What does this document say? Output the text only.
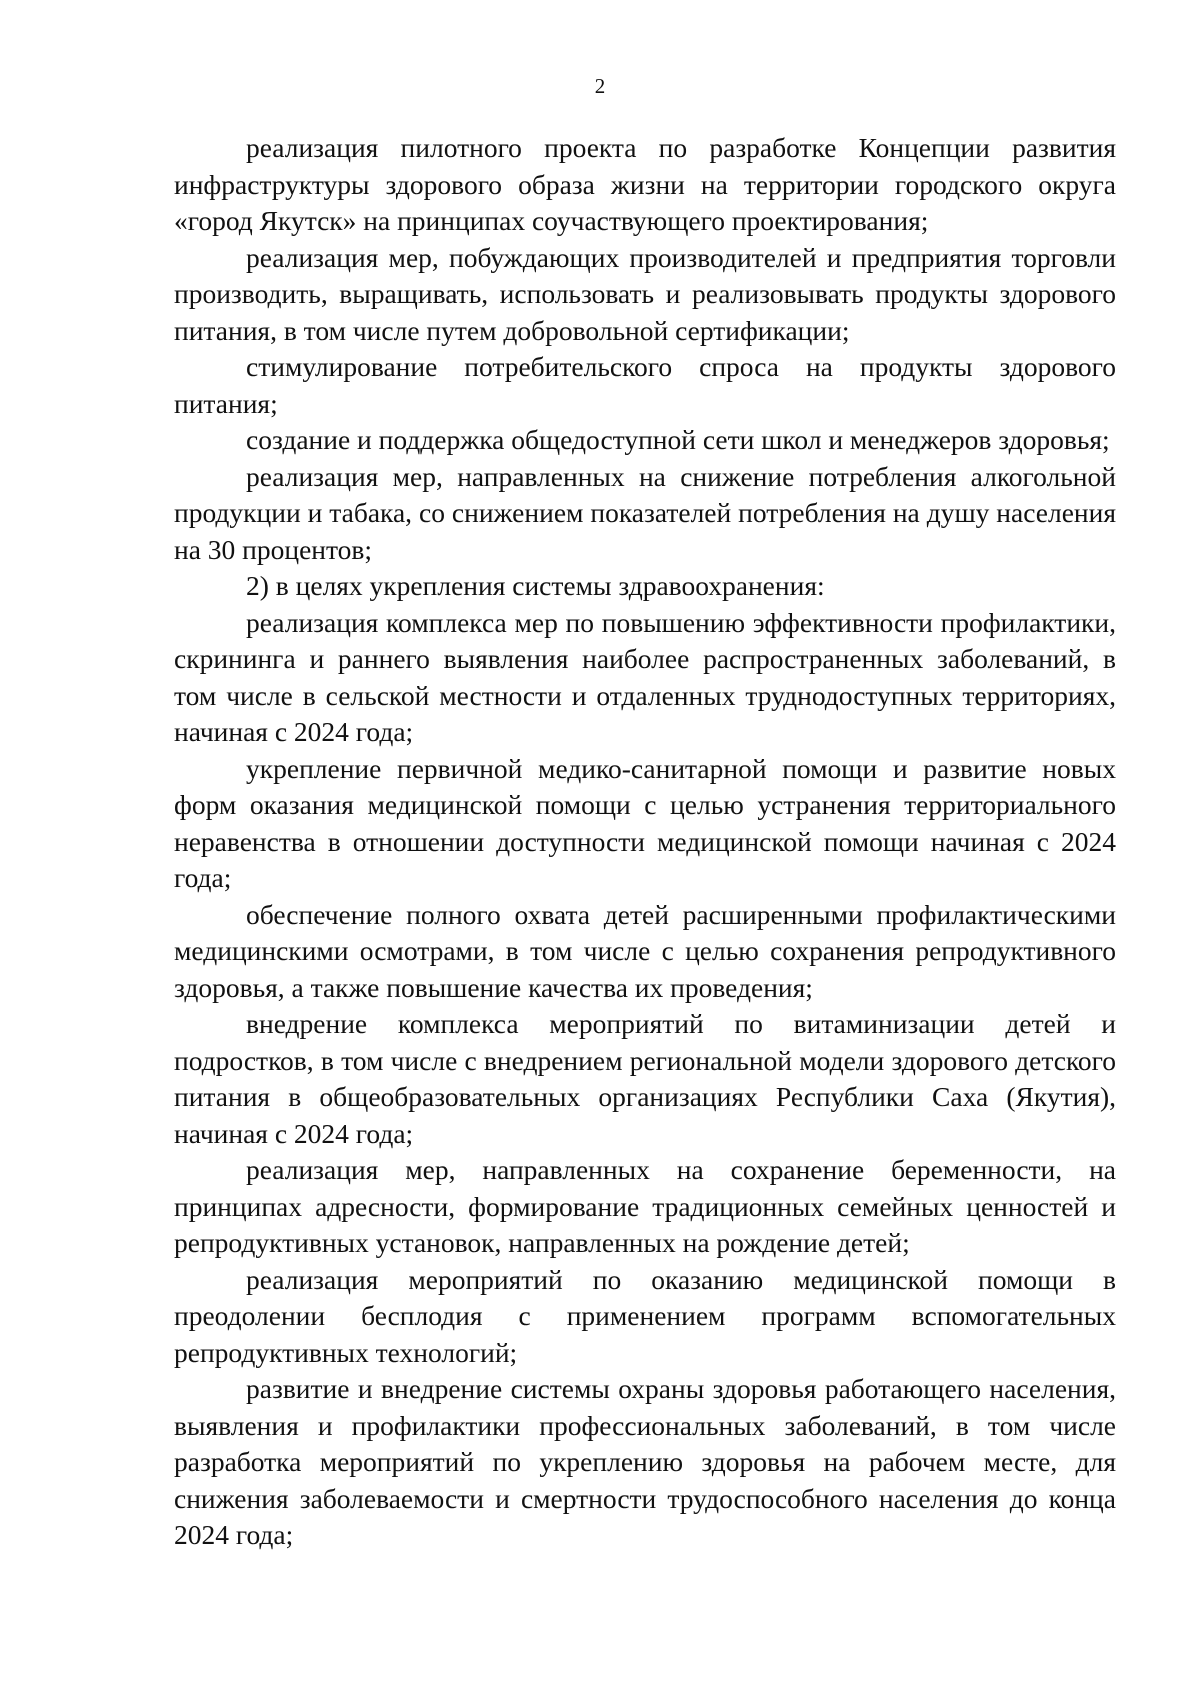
2

реализация пилотного проекта по разработке Концепции развития инфраструктуры здорового образа жизни на территории городского округа «город Якутск» на принципах соучаствующего проектирования;

реализация мер, побуждающих производителей и предприятия торговли производить, выращивать, использовать и реализовывать продукты здорового питания, в том числе путем добровольной сертификации;

стимулирование потребительского спроса на продукты здорового питания;

создание и поддержка общедоступной сети школ и менеджеров здоровья;

реализация мер, направленных на снижение потребления алкогольной продукции и табака, со снижением показателей потребления на душу населения на 30 процентов;

2) в целях укрепления системы здравоохранения:

реализация комплекса мер по повышению эффективности профилактики, скрининга и раннего выявления наиболее распространенных заболеваний, в том числе в сельской местности и отдаленных труднодоступных территориях, начиная с 2024 года;

укрепление первичной медико-санитарной помощи и развитие новых форм оказания медицинской помощи с целью устранения территориального неравенства в отношении доступности медицинской помощи начиная с 2024 года;

обеспечение полного охвата детей расширенными профилактическими медицинскими осмотрами, в том числе с целью сохранения репродуктивного здоровья, а также повышение качества их проведения;

внедрение комплекса мероприятий по витаминизации детей и подростков, в том числе с внедрением региональной модели здорового детского питания в общеобразовательных организациях Республики Саха (Якутия), начиная с 2024 года;

реализация мер, направленных на сохранение беременности, на принципах адресности, формирование традиционных семейных ценностей и репродуктивных установок, направленных на рождение детей;

реализация мероприятий по оказанию медицинской помощи в преодолении бесплодия с применением программ вспомогательных репродуктивных технологий;

развитие и внедрение системы охраны здоровья работающего населения, выявления и профилактики профессиональных заболеваний, в том числе разработка мероприятий по укреплению здоровья на рабочем месте, для снижения заболеваемости и смертности трудоспособного населения до конца 2024 года;
